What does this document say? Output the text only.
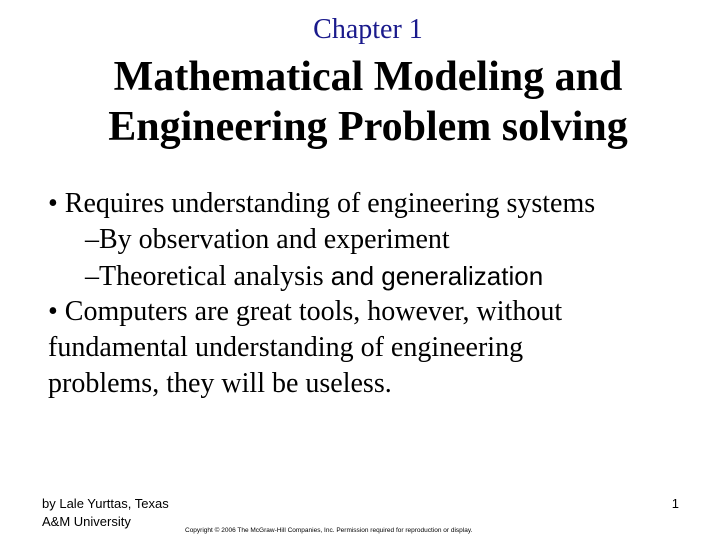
Chapter 1
Mathematical Modeling and
Engineering Problem solving
• Requires understanding of engineering systems
–By observation and experiment
–Theoretical analysis and generalization
• Computers are great tools, however, without
fundamental understanding of engineering
problems, they will be useless.
by Lale Yurttas, Texas
A&M University
1
Copyright © 2006 The McGraw-Hill Companies, Inc. Permission required for reproduction or display.
